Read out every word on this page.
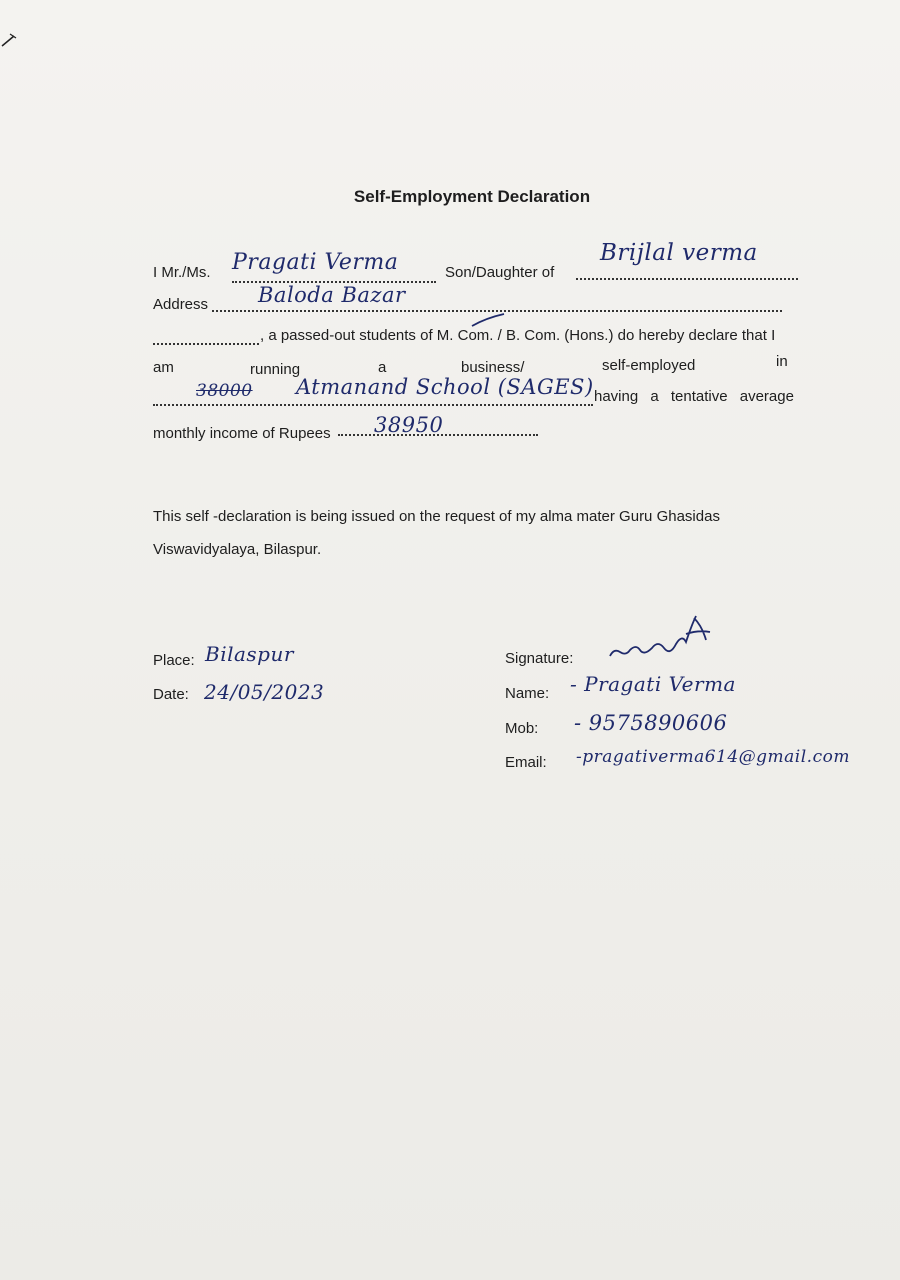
Self-Employment Declaration
I Mr./Ms. Pragati Verma	Son/Daughter of
Brijlal verma
Address Baloda Bazar
, a passed-out students of M. Com. / B. Com. (Hons.) do hereby declare that I
am	running	a	business/	self-employed	in
38000 Atmanand School (SAGES) having a tentative average
monthly income of Rupees 38950
This self -declaration is being issued on the request of my alma mater Guru Ghasidas
Viswavidyalaya, Bilaspur.
Place: Bilaspur
Date: 24/05/2023
Signature:
Name: - Pragati Verma
Mob: - 9575890606
Email: -pragativerma614@gmail.com
